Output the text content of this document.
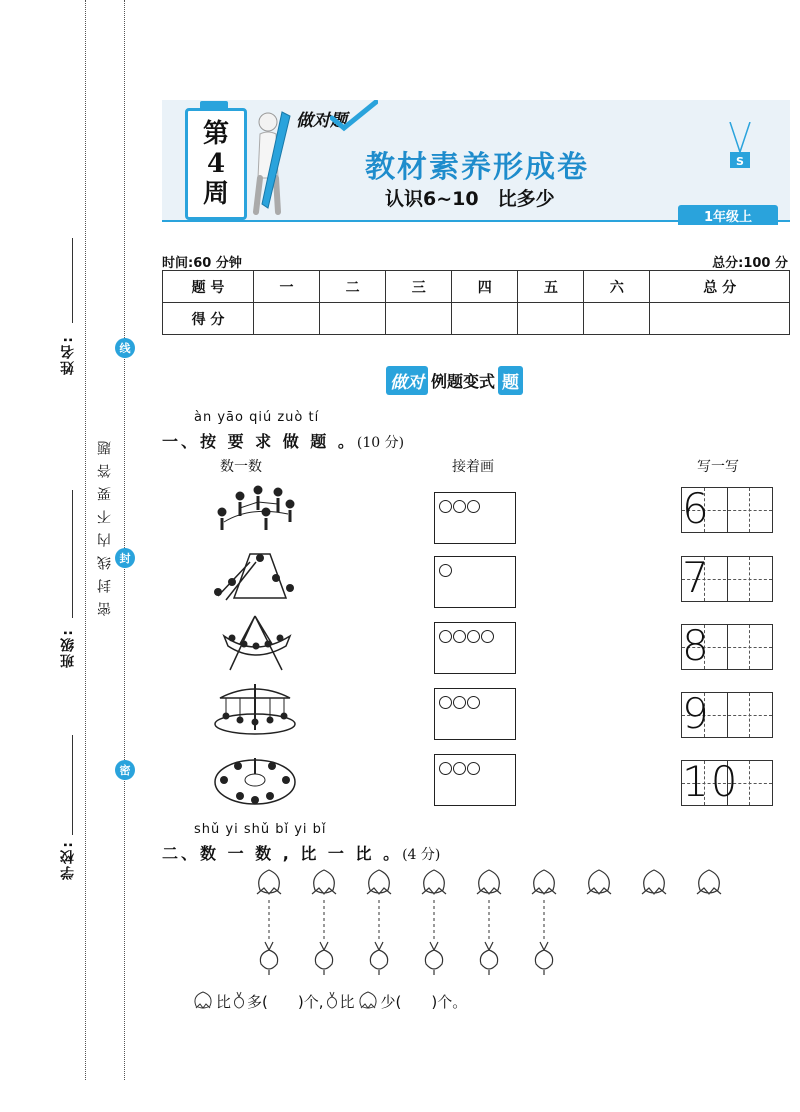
姓名:
班级:
学校:
密封线内不要答题
线
封
密
第
4
周
做对题
教材素养形成卷
认识6~10　比多少
S
1年级上
时间:60 分钟	总分:100 分
题 号	一	二	三	四	五	六	总 分
得 分							
做对 例题变式 题
àn yāo qiú zuò tí
一、按 要 求 做 题 。(10 分)
数一数	接着画	写一写
6
7
8
9
10
shǔ yi shǔ bǐ yi bǐ
二、数 一 数 , 比 一 比 。(4 分)
比 多( )个, 比 少( )个。
